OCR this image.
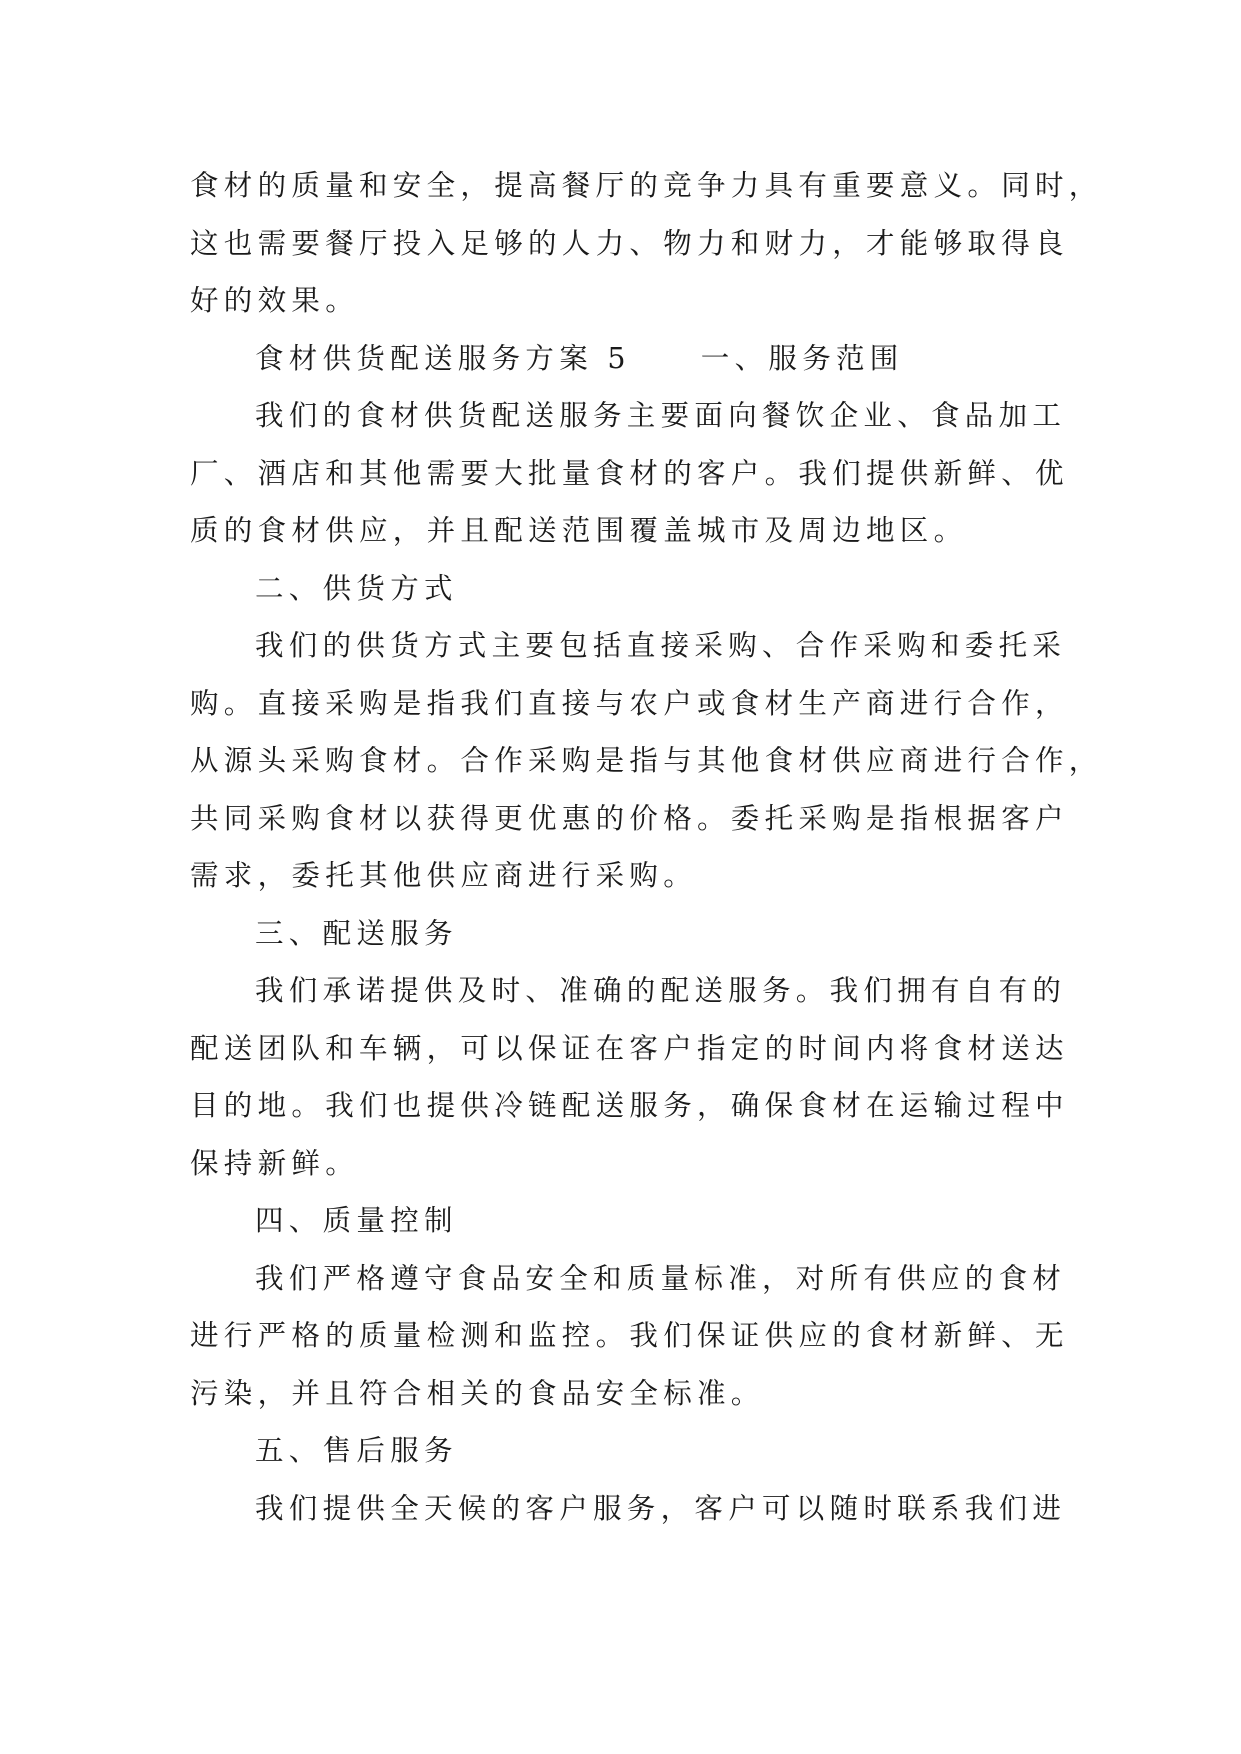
食材的质量和安全，提高餐厅的竞争力具有重要意义。同时，
这也需要餐厅投入足够的人力、物力和财力，才能够取得良
好的效果。
食材供货配送服务方案 5 一、服务范围
我们的食材供货配送服务主要面向餐饮企业、食品加工
厂、酒店和其他需要大批量食材的客户。我们提供新鲜、优
质的食材供应，并且配送范围覆盖城市及周边地区。
二、供货方式
我们的供货方式主要包括直接采购、合作采购和委托采
购。直接采购是指我们直接与农户或食材生产商进行合作，
从源头采购食材。合作采购是指与其他食材供应商进行合作，
共同采购食材以获得更优惠的价格。委托采购是指根据客户
需求，委托其他供应商进行采购。
三、配送服务
我们承诺提供及时、准确的配送服务。我们拥有自有的
配送团队和车辆，可以保证在客户指定的时间内将食材送达
目的地。我们也提供冷链配送服务，确保食材在运输过程中
保持新鲜。
四、质量控制
我们严格遵守食品安全和质量标准，对所有供应的食材
进行严格的质量检测和监控。我们保证供应的食材新鲜、无
污染，并且符合相关的食品安全标准。
五、售后服务
我们提供全天候的客户服务，客户可以随时联系我们进
